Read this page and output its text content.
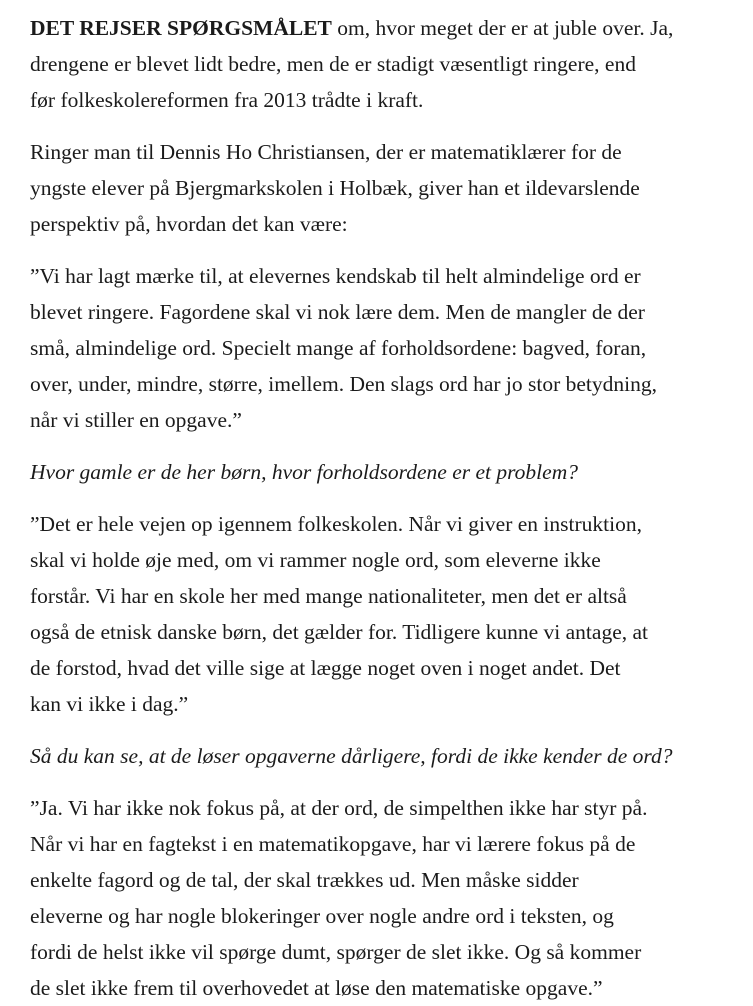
DET REJSER SPØRGSMÅLET om, hvor meget der er at juble over. Ja,
drengene er blevet lidt bedre, men de er stadigt væsentligt ringere, end
før folkeskolereformen fra 2013 trådte i kraft.
Ringer man til Dennis Ho Christiansen, der er matematiklærer for de
yngste elever på Bjergmarkskolen i Holbæk, giver han et ildevarslende
perspektiv på, hvordan det kan være:
”Vi har lagt mærke til, at elevernes kendskab til helt almindelige ord er
blevet ringere. Fagordene skal vi nok lære dem. Men de mangler de der
små, almindelige ord. Specielt mange af forholdsordene: bagved, foran,
over, under, mindre, større, imellem. Den slags ord har jo stor betydning,
når vi stiller en opgave.”
Hvor gamle er de her børn, hvor forholdsordene er et problem?
”Det er hele vejen op igennem folkeskolen. Når vi giver en instruktion,
skal vi holde øje med, om vi rammer nogle ord, som eleverne ikke
forstår. Vi har en skole her med mange nationaliteter, men det er altså
også de etnisk danske børn, det gælder for. Tidligere kunne vi antage, at
de forstod, hvad det ville sige at lægge noget oven i noget andet. Det
kan vi ikke i dag.”
Så du kan se, at de løser opgaverne dårligere, fordi de ikke kender de ord?
”Ja. Vi har ikke nok fokus på, at der ord, de simpelthen ikke har styr på.
Når vi har en fagtekst i en matematikopgave, har vi lærere fokus på de
enkelte fagord og de tal, der skal trækkes ud. Men måske sidder
eleverne og har nogle blokeringer over nogle andre ord i teksten, og
fordi de helst ikke vil spørge dumt, spørger de slet ikke. Og så kommer
de slet ikke frem til overhovedet at løse den matematiske opgave.”
